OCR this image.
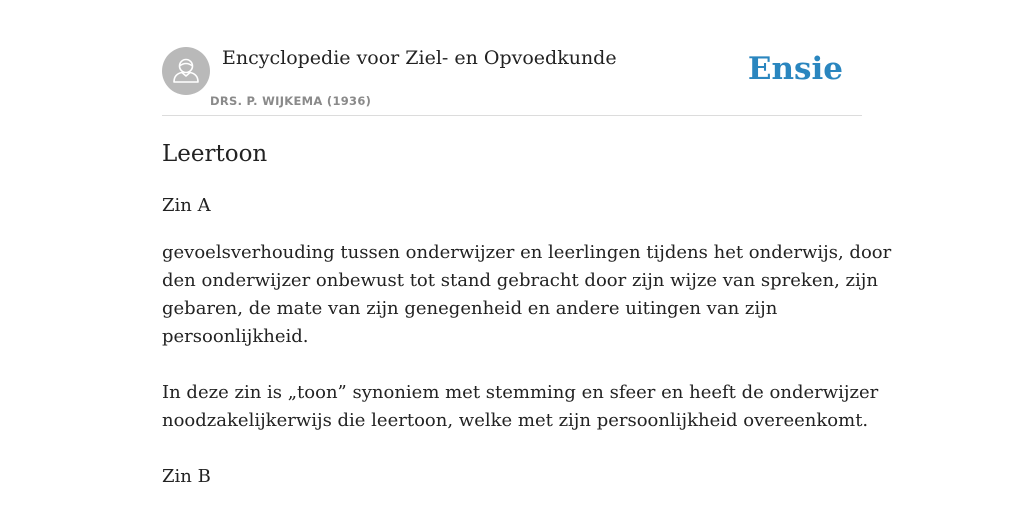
Encyclopedie voor Ziel- en Opvoedkunde
DRS. P. WIJKEMA (1936)
Ensie
Leertoon

Zin A

gevoelsverhouding tussen onderwijzer en leerlingen tijdens het onderwijs, door
den onderwijzer onbewust tot stand gebracht door zijn wijze van spreken, zijn
gebaren, de mate van zijn genegenheid en andere uitingen van zijn
persoonlijkheid.

In deze zin is „toon” synoniem met stemming en sfeer en heeft de onderwijzer
noodzakelijkerwijs die leertoon, welke met zijn persoonlijkheid overeenkomt.

Zin B
